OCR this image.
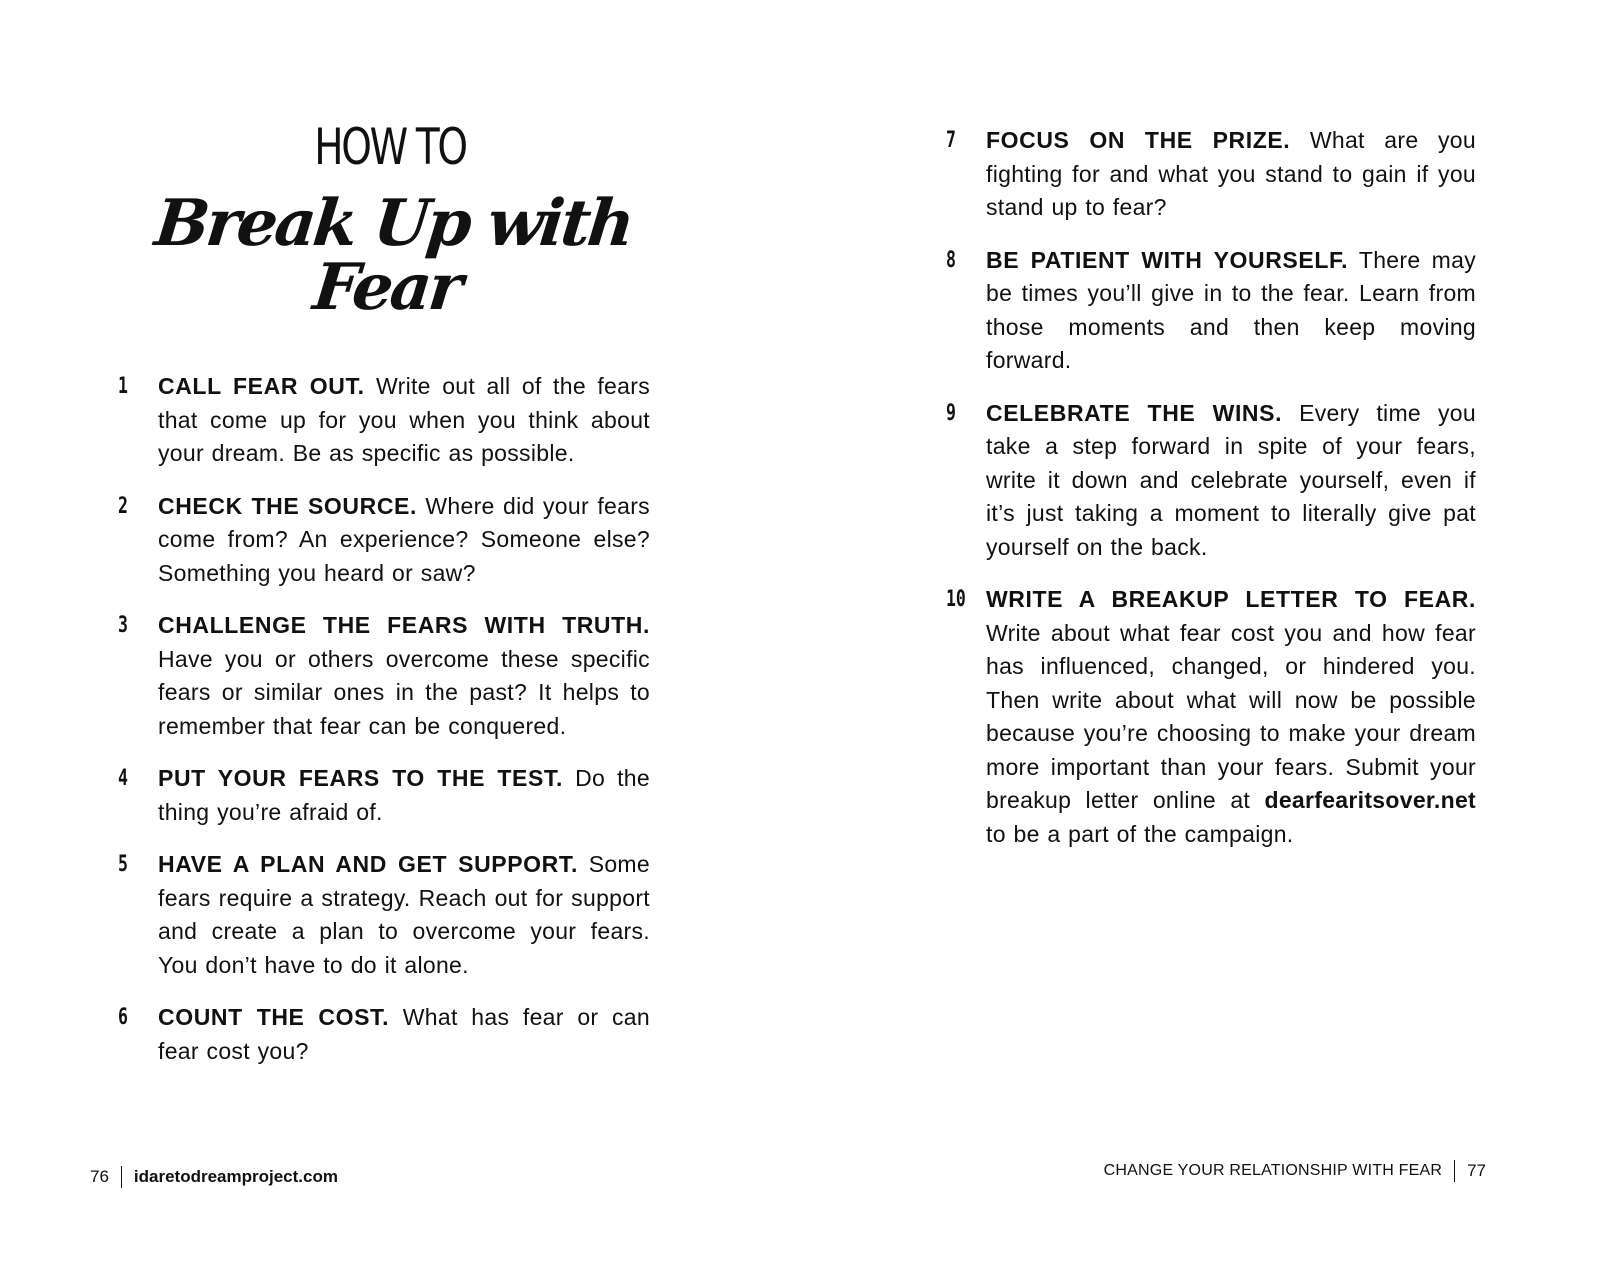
HOW TO
Break Up with Fear
1 CALL FEAR OUT. Write out all of the fears that come up for you when you think about your dream. Be as specific as possible.
2 CHECK THE SOURCE. Where did your fears come from? An experience? Someone else? Something you heard or saw?
3 CHALLENGE THE FEARS WITH TRUTH. Have you or others overcome these specific fears or similar ones in the past? It helps to remember that fear can be conquered.
4 PUT YOUR FEARS TO THE TEST. Do the thing you’re afraid of.
5 HAVE A PLAN AND GET SUPPORT. Some fears require a strategy. Reach out for support and create a plan to overcome your fears. You don’t have to do it alone.
6 COUNT THE COST. What has fear or can fear cost you?
76 idaretodreamproject.com
7 FOCUS ON THE PRIZE. What are you fighting for and what you stand to gain if you stand up to fear?
8 BE PATIENT WITH YOURSELF. There may be times you’ll give in to the fear. Learn from those moments and then keep moving forward.
9 CELEBRATE THE WINS. Every time you take a step forward in spite of your fears, write it down and celebrate yourself, even if it’s just taking a moment to literally give pat yourself on the back.
10 WRITE A BREAKUP LETTER TO FEAR. Write about what fear cost you and how fear has influenced, changed, or hindered you. Then write about what will now be possible because you’re choosing to make your dream more important than your fears. Submit your breakup letter online at dearfearitsover.net to be a part of the campaign.
CHANGE YOUR RELATIONSHIP WITH FEAR 77
